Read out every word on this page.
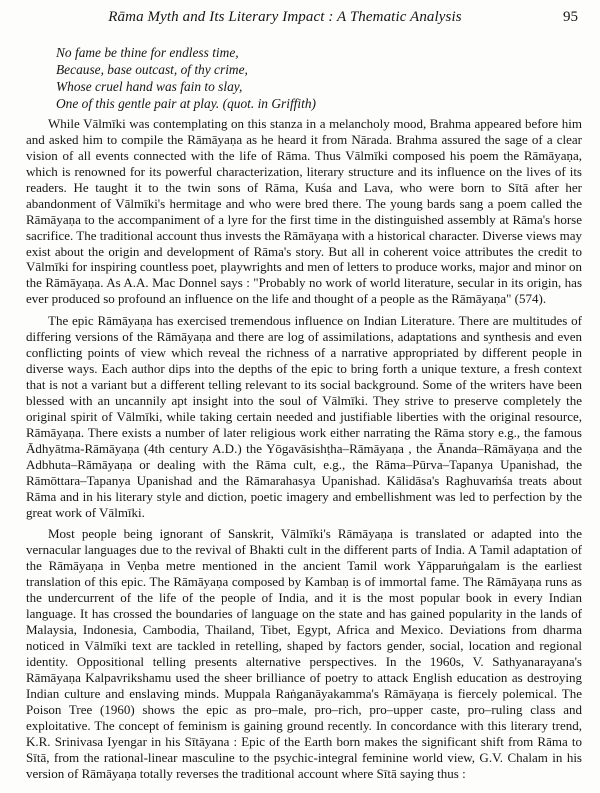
Rāma Myth and Its Literary Impact : A Thematic Analysis	95
No fame be thine for endless time,
Because, base outcast, of thy crime,
Whose cruel hand was fain to slay,
One of this gentle pair at play. (quot. in Griffith)

While Vālmīki was contemplating on this stanza in a melancholy mood, Brahma appeared before him and asked him to compile the Rāmāyaṇa as he heard it from Nārada. Brahma assured the sage of a clear vision of all events connected with the life of Rāma. Thus Vālmīki composed his poem the Rāmāyaṇa, which is renowned for its powerful characterization, literary structure and its influence on the lives of its readers. He taught it to the twin sons of Rāma, Kuśa and Lava, who were born to Sītā after her abandonment of Vālmīki's hermitage and who were bred there. The young bards sang a poem called the Rāmāyaṇa to the accompaniment of a lyre for the first time in the distinguished assembly at Rāma's horse sacrifice. The traditional account thus invests the Rāmāyaṇa with a historical character. Diverse views may exist about the origin and development of Rāma's story. But all in coherent voice attributes the credit to Vālmīki for inspiring countless poet, playwrights and men of letters to produce works, major and minor on the Rāmāyaṇa. As A.A. Mac Donnel says : "Probably no work of world literature, secular in its origin, has ever produced so profound an influence on the life and thought of a people as the Rāmāyaṇa" (574).

The epic Rāmāyaṇa has exercised tremendous influence on Indian Literature. There are multitudes of differing versions of the Rāmāyaṇa and there are log of assimilations, adaptations and synthesis and even conflicting points of view which reveal the richness of a narrative appropriated by different people in diverse ways. Each author dips into the depths of the epic to bring forth a unique texture, a fresh context that is not a variant but a different telling relevant to its social background. Some of the writers have been blessed with an uncannily apt insight into the soul of Vālmīki. They strive to preserve completely the original spirit of Vālmīki, while taking certain needed and justifiable liberties with the original resource, Rāmāyaṇa. There exists a number of later religious work either narrating the Rāma story e.g., the famous Ādhyātma-Rāmāyaṇa (4th century A.D.) the Yōgavāsishṭha–Rāmāyaṇa , the Ānanda–Rāmāyaṇa and the Adbhuta–Rāmāyaṇa or dealing with the Rāma cult, e.g., the Rāma–Pūrva–Tapanya Upanishad, the Rāmōttara–Tapanya Upanishad and the Rāmarahasya Upanishad. Kālidāsa's Raghuvaṁśa treats about Rāma and in his literary style and diction, poetic imagery and embellishment was led to perfection by the great work of Vālmīki.

Most people being ignorant of Sanskrit, Vālmīki's Rāmāyaṇa is translated or adapted into the vernacular languages due to the revival of Bhakti cult in the different parts of India. A Tamil adaptation of the Rāmāyaṇa in Veṇba metre mentioned in the ancient Tamil work Yāpparuṅgalam is the earliest translation of this epic. The Rāmāyaṇa composed by Kambaṇ is of immortal fame. The Rāmāyaṇa runs as the undercurrent of the life of the people of India, and it is the most popular book in every Indian language. It has crossed the boundaries of language on the state and has gained popularity in the lands of Malaysia, Indonesia, Cambodia, Thailand, Tibet, Egypt, Africa and Mexico. Deviations from dharma noticed in Vālmīki text are tackled in retelling, shaped by factors gender, social, location and regional identity. Oppositional telling presents alternative perspectives. In the 1960s, V. Sathyanarayana's Rāmāyaṇa Kalpavrikshamu used the sheer brilliance of poetry to attack English education as destroying Indian culture and enslaving minds. Muppala Raṅganāyakamma's Rāmāyaṇa is fiercely polemical. The Poison Tree (1960) shows the epic as pro–male, pro–rich, pro–upper caste, pro–ruling class and exploitative. The concept of feminism is gaining ground recently. In concordance with this literary trend, K.R. Srinivasa Iyengar in his Sītāyana : Epic of the Earth born makes the significant shift from Rāma to Sītā, from the rational-linear masculine to the psychic-integral feminine world view, G.V. Chalam in his version of Rāmāyaṇa totally reverses the traditional account where Sītā saying thus :
